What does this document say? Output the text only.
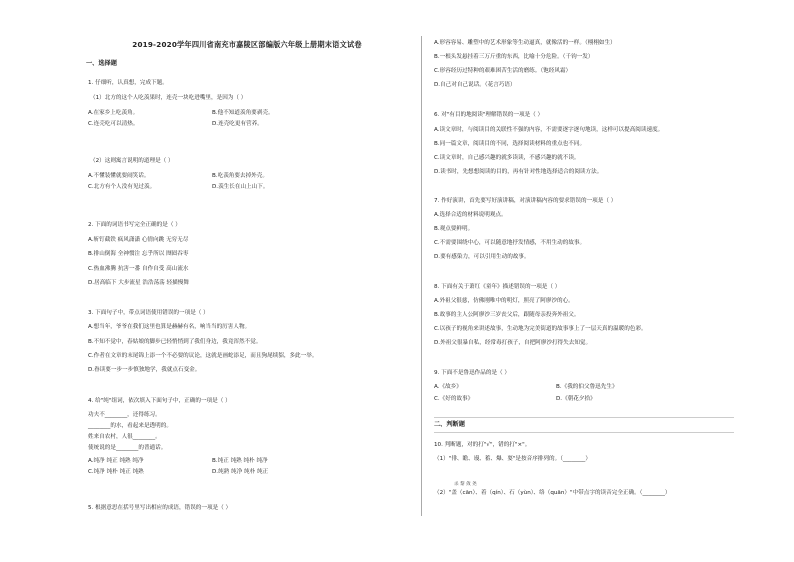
2019-2020学年四川省南充市嘉陵区部编版六年级上册期末语文试卷
一、选择题
1. 仔细听，认真想，完成下题。
（1）北方的这个人吃羡果时，连壳一块吃进嘴里，是因为（ ）
A.在家乡上吃羡角。	B.他不知道羡角要剥壳。
C.连壳吃可以清热。	D.连壳吃更有营养。
（2）这则寓言说明的道理是（ ）
A.不懂装懂就要闹笑话。	B.吃羡角要去掉外壳。
C.北方有个人没有见过羡。	D.羡生长在山上山下。
2. 下面的词语书写完全正确的是（ ）
A.斩钉截铁 疯风潇潇 心情向跳 无穷无尽
B.排山倒海 全神惯注 忘乎所以 囫囵吞枣
C.热血沸腾 抗害一番 自作自受 高山流水
D.居高临下 大步流星 浩浩荡荡 轻描慢舞
3. 下面句子中，带点词语使用错误的一项是（ ）
A.想当年，爷爷在我们这里也算是赫赫有名，响当当的厉害人物。
B.不知不觉中，春姑娘的脚步已轻悄悄到了我们身边，我竟浑然不觉。
C.作者在文章的末尾锦上添一个不必要的议论，这就是画蛇添足，而且狗尾续貂，多此一举。
D.眷读要一步一步慎独地学，我就点石变金。
4. 给"纯"组词，依次填入下面句子中，正确的一项是（ ）
功夫不________，还得练习。
________的水，看起来是透明的。
姓来自农村，人很________。
使统说的是________的普通话。
A.纯净 纯正 纯熟 纯净	B.纯正 纯熟 纯朴 纯净
C.纯净 纯朴 纯正 纯熟	D.纯熟 纯净 纯朴 纯正
5. 根据意思在括号里写出相应的成语，错误的一项是（ ）
A.形容容易、雕塑中的艺术形象等生动逼真，就像活的一样。（栩栩如生）
B.一根头发悬挂着三万斤重的东西，比喻十分危险。（千钧一发）
C.形容经历过特种的艰难困苦生活的磨练。（饱经风霜）
D.自己对自己说话。（花言巧语）
6. 对"有目的地阅读"理解错误的一项是（ ）
A.读文章时，与阅读目的关联性不强的内容，不需要逐字逐句地读，这样可以提高阅读速度。
B.同一篇文章，阅读目的不同，选择阅读材料的重点也不同。
C.读文章时，自己感兴趣的就多读读，不感兴趣的就不读。
D.读书时，先想想阅读的目的，再有针对性地选择适合的阅读方法。
7. 作好演讲，首先要写好演讲稿，对演讲稿内容的要求错误的一项是（ ）
A.选择合适的材料说明观点。
B.观点要鲜明。
C.不需要围绕中心，可以随意地抒发情感，不用生动的故事。
D.要有感染力，可以引用生动的故事。
8. 下面有关于萧红《童年》描述错误的一项是（ ）
A.外祖父很慈，仿佛刚唯中的明灯，照亮了阿廖沙的心。
B.故事的主人公阿廖沙三岁丧父后，跟随母亲投奔外祖父。
C.以孩子的视角来讲述故事，生动地为完美街道的故事事上了一层天真的温暖的色彩。
D.外祖父很暴自私，经常毒打孩子，自把阿廖沙打得失去知觉。
9. 下面不是鲁迅作品的是（ ）
A.《故乡》	B.《我的伯父鲁迅先生》
C.《好的故事》	D.《朝花夕拾》
二、判断题
10. 判断题，对的打"√"，错的打"×"。
（1）"俳、瞻、谩、蓄、爆、耍"是按音序排列的。（________）
杀 黎 敛 尧
（2）"盖（cān）、着（qín）、石（yùn）、络（quān）"中带点字的读音完全正确。（________）
